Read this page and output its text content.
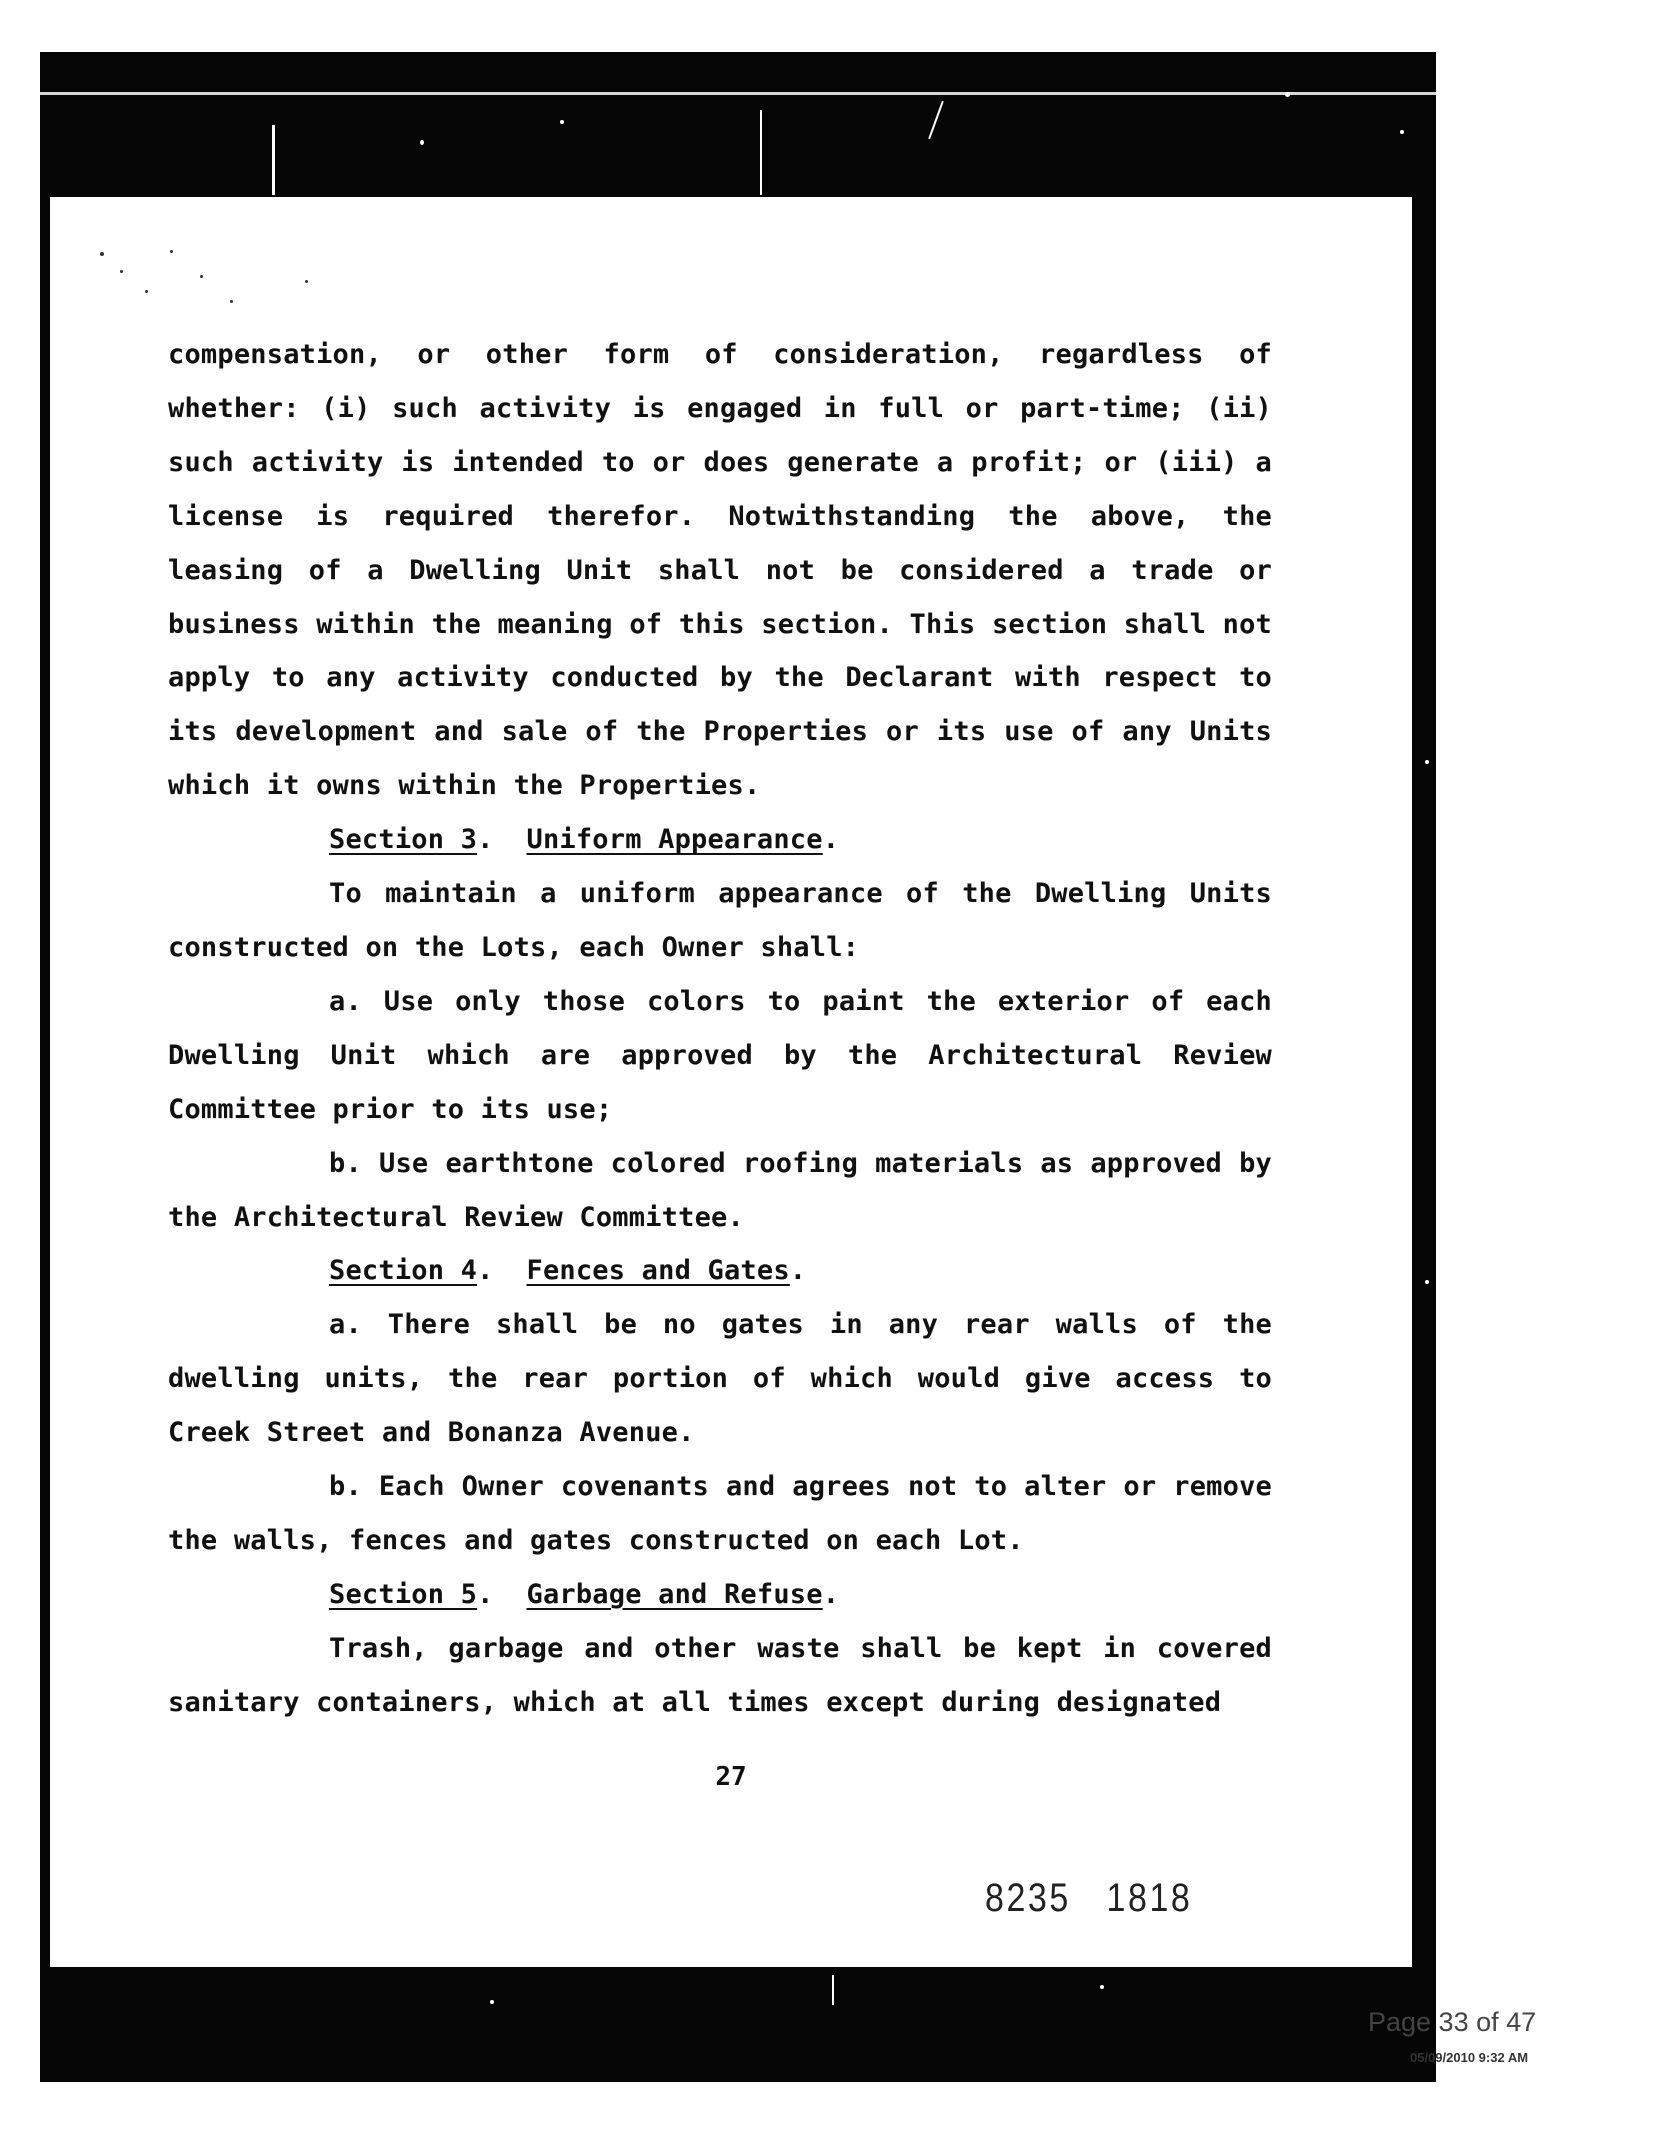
compensation, or other form of consideration, regardless of whether: (i) such activity is engaged in full or part-time; (ii) such activity is intended to or does generate a profit; or (iii) a license is required therefor. Notwithstanding the above, the leasing of a Dwelling Unit shall not be considered a trade or business within the meaning of this section. This section shall not apply to any activity conducted by the Declarant with respect to its development and sale of the Properties or its use of any Units which it owns within the Properties.

Section 3.  Uniform Appearance.

To maintain a uniform appearance of the Dwelling Units constructed on the Lots, each Owner shall:

a. Use only those colors to paint the exterior of each Dwelling Unit which are approved by the Architectural Review Committee prior to its use;

b. Use earthtone colored roofing materials as approved by the Architectural Review Committee.

Section 4.  Fences and Gates.

a. There shall be no gates in any rear walls of the dwelling units, the rear portion of which would give access to Creek Street and Bonanza Avenue.

b. Each Owner covenants and agrees not to alter or remove the walls, fences and gates constructed on each Lot.

Section 5.  Garbage and Refuse.

Trash, garbage and other waste shall be kept in covered sanitary containers, which at all times except during designated

27
8235 1818
Page 33 of 47
05/09/2010 9:32 AM
